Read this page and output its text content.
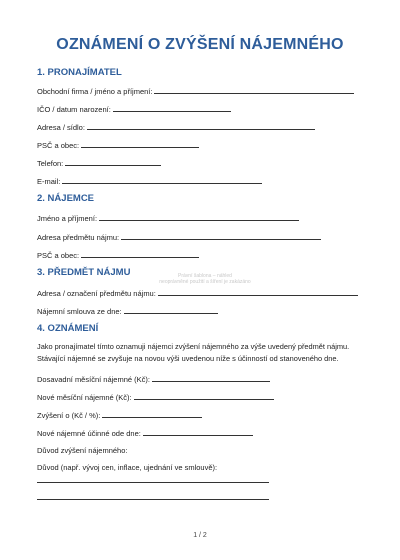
OZNÁMENÍ O ZVÝŠENÍ NÁJEMNÉHO
1. PRONAJÍMATEL
Obchodní firma / jméno a příjmení:
IČO / datum narození:
Adresa / sídlo:
PSČ a obec:
Telefon:
E-mail:
2. NÁJEMCE
Jméno a příjmení:
Adresa předmětu nájmu:
PSČ a obec:
3. PŘEDMĚT NÁJMU
Adresa / označení předmětu nájmu:
Nájemní smlouva ze dne:
4. OZNÁMENÍ
Jako pronajímatel tímto oznamuji nájemci zvýšení nájemného za výše uvedený předmět nájmu. Stávající nájemné se zvyšuje na novou výši uvedenou níže s účinností od stanoveného dne.
Dosavadní měsíční nájemné (Kč):
Nové měsíční nájemné (Kč):
Zvýšení o (Kč / %):
Nové nájemné účinné ode dne:
Důvod zvýšení nájemného:
Důvod (např. vývoj cen, inflace, ujednání ve smlouvě):
Právní šablona – náhled
neoprávněné použití a šíření je zakázáno
1 / 2
